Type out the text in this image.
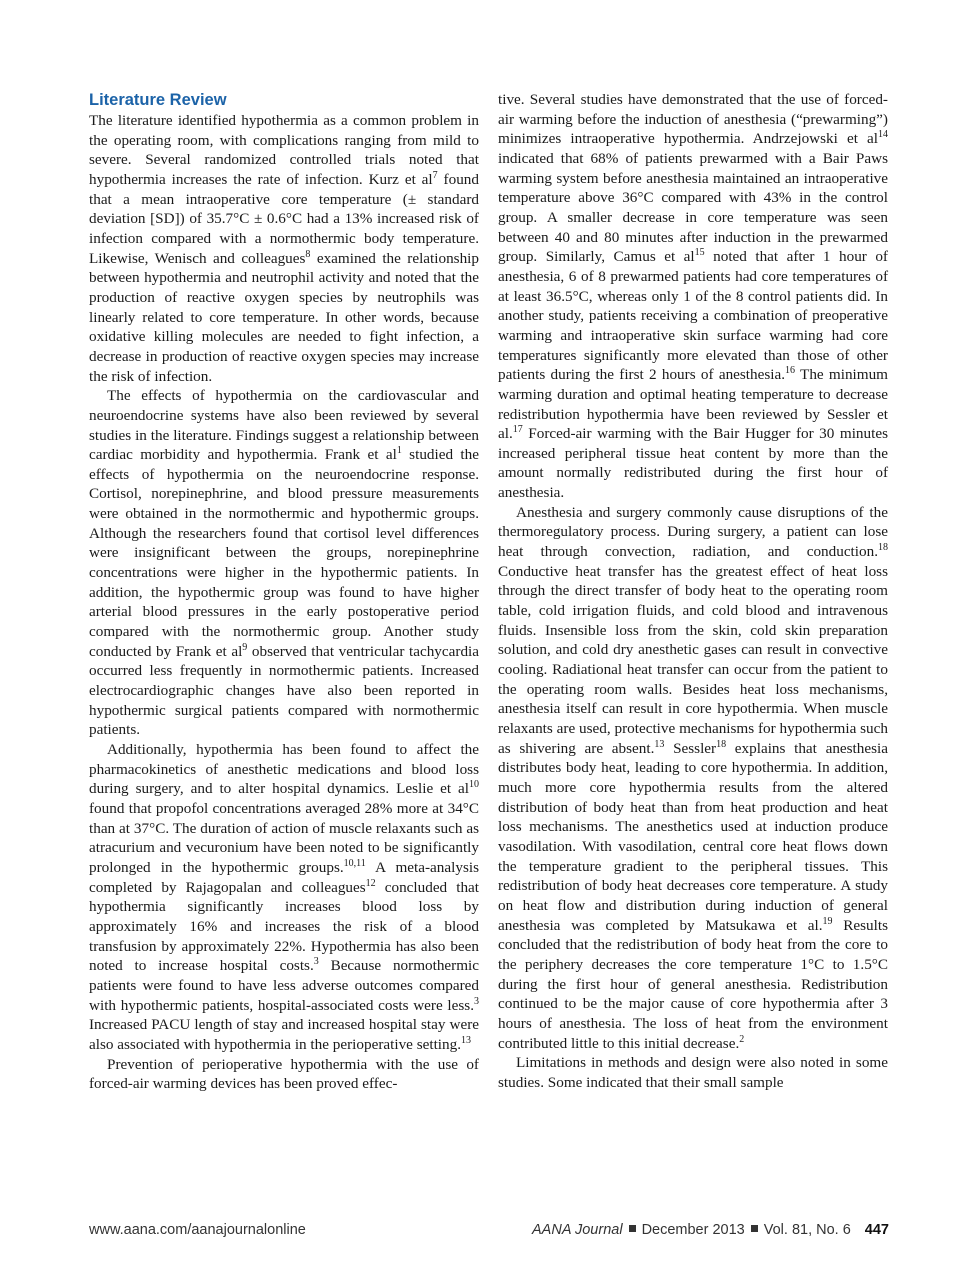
Literature Review

The literature identified hypothermia as a common problem in the operating room, with complications ranging from mild to severe. Several randomized controlled trials noted that hypothermia increases the rate of infection. Kurz et $al^7$ found that a mean intraoperative core temperature (± standard deviation [SD]) of 35.7°C ± 0.6°C had a 13% increased risk of infection compared with a normothermic body temperature. Likewise, Wenisch and colleagues$^8$ examined the relationship between hypothermia and neutrophil activity and noted that the production of reactive oxygen species by neutrophils was linearly related to core temperature. In other words, because oxidative killing molecules are needed to fight infection, a decrease in production of reactive oxygen species may increase the risk of infection.

The effects of hypothermia on the cardiovascular and neuroendocrine systems have also been reviewed by several studies in the literature. Findings suggest a relationship between cardiac morbidity and hypothermia. Frank et $al^1$ studied the effects of hypothermia on the neuroendocrine response. Cortisol, norepinephrine, and blood pressure measurements were obtained in the normothermic and hypothermic groups. Although the researchers found that cortisol level differences were insignificant between the groups, norepinephrine concentrations were higher in the hypothermic patients. In addition, the hypothermic group was found to have higher arterial blood pressures in the early postoperative period compared with the normothermic group. Another study conducted by Frank et $al^9$ observed that ventricular tachycardia occurred less frequently in normothermic patients. Increased electrocardiographic changes have also been reported in hypothermic surgical patients compared with normothermic patients.

Additionally, hypothermia has been found to affect the pharmacokinetics of anesthetic medications and blood loss during surgery, and to alter hospital dynamics. Leslie et $al^{10}$ found that propofol concentrations averaged 28% more at 34°C than at 37°C. The duration of action of muscle relaxants such as atracurium and vecuronium have been noted to be significantly prolonged in the hypothermic groups.$^{10,11}$ A meta-analysis completed by Rajagopalan and colleagues$^{12}$ concluded that hypothermia significantly increases blood loss by approximately 16% and increases the risk of a blood transfusion by approximately 22%. Hypothermia has also been noted to increase hospital costs.$^3$ Because normothermic patients were found to have less adverse outcomes compared with hypothermic patients, hospital-associated costs were less.$^3$ Increased PACU length of stay and increased hospital stay were also associated with hypothermia in the perioperative setting.$^{13}$

Prevention of perioperative hypothermia with the use of forced-air warming devices has been proved effec-

tive. Several studies have demonstrated that the use of forced-air warming before the induction of anesthesia (“prewarming”) minimizes intraoperative hypothermia. Andrzejowski et $al^{14}$ indicated that 68% of patients prewarmed with a Bair Paws warming system before anesthesia maintained an intraoperative temperature above 36°C compared with 43% in the control group. A smaller decrease in core temperature was seen between 40 and 80 minutes after induction in the prewarmed group. Similarly, Camus et $al^{15}$ noted that after 1 hour of anesthesia, 6 of 8 prewarmed patients had core temperatures of at least 36.5°C, whereas only 1 of the 8 control patients did. In another study, patients receiving a combination of preoperative warming and intraoperative skin surface warming had core temperatures significantly more elevated than those of other patients during the first 2 hours of anesthesia.$^{16}$ The minimum warming duration and optimal heating temperature to decrease redistribution hypothermia have been reviewed by Sessler et al.$^{17}$ Forced-air warming with the Bair Hugger for 30 minutes increased peripheral tissue heat content by more than the amount normally redistributed during the first hour of anesthesia.

Anesthesia and surgery commonly cause disruptions of the thermoregulatory process. During surgery, a patient can lose heat through convection, radiation, and conduction.$^{18}$ Conductive heat transfer has the greatest effect of heat loss through the direct transfer of body heat to the operating room table, cold irrigation fluids, and cold blood and intravenous fluids. Insensible loss from the skin, cold skin preparation solution, and cold dry anesthetic gases can result in convective cooling. Radiational heat transfer can occur from the patient to the operating room walls. Besides heat loss mechanisms, anesthesia itself can result in core hypothermia. When muscle relaxants are used, protective mechanisms for hypothermia such as shivering are absent.$^{13}$ Sessler$^{18}$ explains that anesthesia distributes body heat, leading to core hypothermia. In addition, much more core hypothermia results from the altered distribution of body heat than from heat production and heat loss mechanisms. The anesthetics used at induction produce vasodilation. With vasodilation, central core heat flows down the temperature gradient to the peripheral tissues. This redistribution of body heat decreases core temperature. A study on heat flow and distribution during induction of general anesthesia was completed by Matsukawa et al.$^{19}$ Results concluded that the redistribution of body heat from the core to the periphery decreases the core temperature 1°C to 1.5°C during the first hour of general anesthesia. Redistribution continued to be the major cause of core hypothermia after 3 hours of anesthesia. The loss of heat from the environment contributed little to this initial decrease.$^2$

Limitations in methods and design were also noted in some studies. Some indicated that their small sample

www.aana.com/aanajournalonline	AANA Journal December 2013 Vol. 81, No. 6 447
